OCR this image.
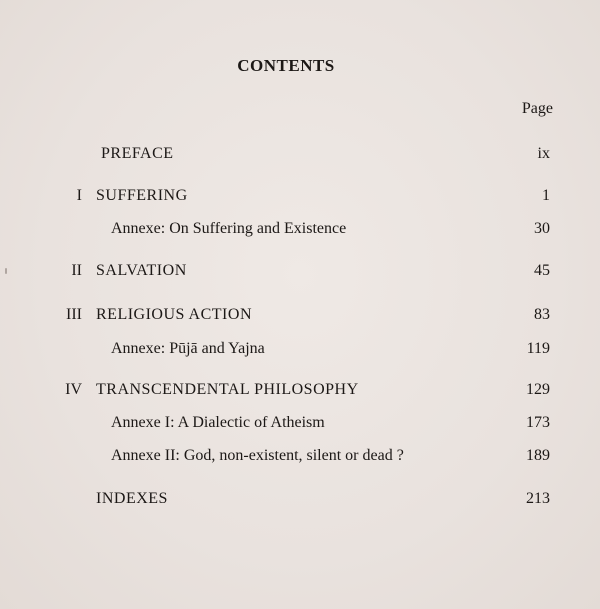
CONTENTS
Page
PREFACE	ix
I SUFFERING	1
Annexe: On Suffering and Existence	30
II SALVATION	45
III RELIGIOUS ACTION	83
Annexe: Pūjā and Yajna	119
IV TRANSCENDENTAL PHILOSOPHY	129
Annexe I: A Dialectic of Atheism	173
Annexe II: God, non-existent, silent or dead ?	189
INDEXES	213
